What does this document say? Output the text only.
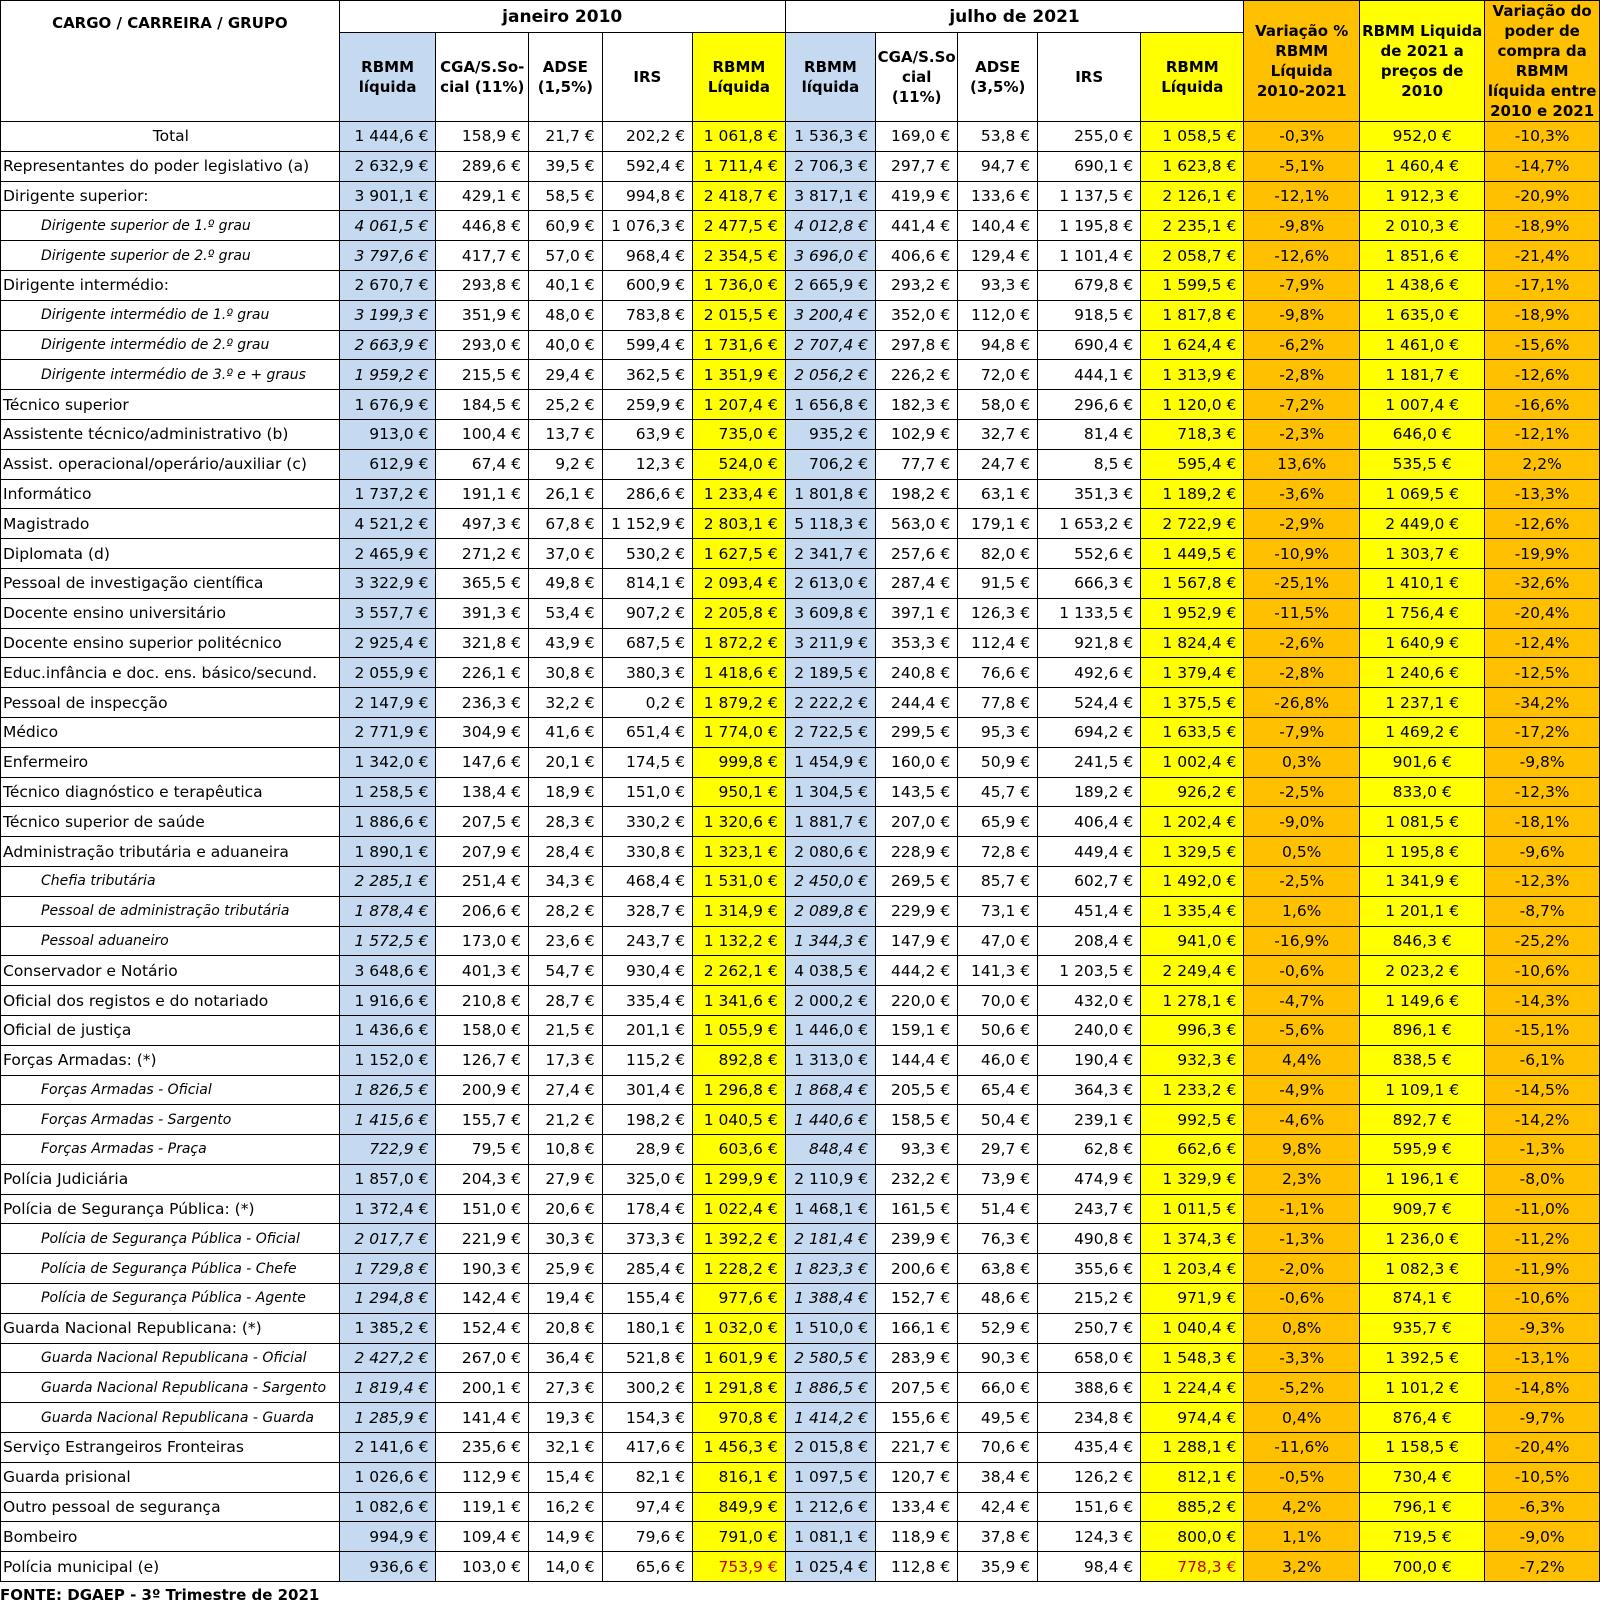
CARGO / CARREIRA / GRUPO	janeiro 2010					julho de 2021					Variação % RBMM Líquida 2010-2021	RBMM Liquida de 2021 a preços de 2010	Variação do poder de compra da RBMM líquida entre 2010 e 2021
	RBMM líquida	CGA/S.So-cial (11%)	ADSE (1,5%)	IRS	RBMM Líquida	RBMM líquida	CGA/S.So cial (11%)	ADSE (3,5%)	IRS	RBMM Líquida			
Total	1 444,6 €	158,9 €	21,7 €	202,2 €	1 061,8 €	1 536,3 €	169,0 €	53,8 €	255,0 €	1 058,5 €	-0,3%	952,0 €	-10,3%
Representantes do poder legislativo (a)	2 632,9 €	289,6 €	39,5 €	592,4 €	1 711,4 €	2 706,3 €	297,7 €	94,7 €	690,1 €	1 623,8 €	-5,1%	1 460,4 €	-14,7%
Dirigente superior:	3 901,1 €	429,1 €	58,5 €	994,8 €	2 418,7 €	3 817,1 €	419,9 €	133,6 €	1 137,5 €	2 126,1 €	-12,1%	1 912,3 €	-20,9%
Dirigente superior de 1.º grau	4 061,5 €	446,8 €	60,9 €	1 076,3 €	2 477,5 €	4 012,8 €	441,4 €	140,4 €	1 195,8 €	2 235,1 €	-9,8%	2 010,3 €	-18,9%
Dirigente superior de 2.º grau	3 797,6 €	417,7 €	57,0 €	968,4 €	2 354,5 €	3 696,0 €	406,6 €	129,4 €	1 101,4 €	2 058,7 €	-12,6%	1 851,6 €	-21,4%
Dirigente intermédio:	2 670,7 €	293,8 €	40,1 €	600,9 €	1 736,0 €	2 665,9 €	293,2 €	93,3 €	679,8 €	1 599,5 €	-7,9%	1 438,6 €	-17,1%
Dirigente intermédio de 1.º grau	3 199,3 €	351,9 €	48,0 €	783,8 €	2 015,5 €	3 200,4 €	352,0 €	112,0 €	918,5 €	1 817,8 €	-9,8%	1 635,0 €	-18,9%
Dirigente intermédio de 2.º grau	2 663,9 €	293,0 €	40,0 €	599,4 €	1 731,6 €	2 707,4 €	297,8 €	94,8 €	690,4 €	1 624,4 €	-6,2%	1 461,0 €	-15,6%
Dirigente intermédio de 3.º e + graus	1 959,2 €	215,5 €	29,4 €	362,5 €	1 351,9 €	2 056,2 €	226,2 €	72,0 €	444,1 €	1 313,9 €	-2,8%	1 181,7 €	-12,6%
Técnico superior	1 676,9 €	184,5 €	25,2 €	259,9 €	1 207,4 €	1 656,8 €	182,3 €	58,0 €	296,6 €	1 120,0 €	-7,2%	1 007,4 €	-16,6%
Assistente técnico/administrativo (b)	913,0 €	100,4 €	13,7 €	63,9 €	735,0 €	935,2 €	102,9 €	32,7 €	81,4 €	718,3 €	-2,3%	646,0 €	-12,1%
Assist. operacional/operário/auxiliar (c)	612,9 €	67,4 €	9,2 €	12,3 €	524,0 €	706,2 €	77,7 €	24,7 €	8,5 €	595,4 €	13,6%	535,5 €	2,2%
Informático	1 737,2 €	191,1 €	26,1 €	286,6 €	1 233,4 €	1 801,8 €	198,2 €	63,1 €	351,3 €	1 189,2 €	-3,6%	1 069,5 €	-13,3%
Magistrado	4 521,2 €	497,3 €	67,8 €	1 152,9 €	2 803,1 €	5 118,3 €	563,0 €	179,1 €	1 653,2 €	2 722,9 €	-2,9%	2 449,0 €	-12,6%
Diplomata (d)	2 465,9 €	271,2 €	37,0 €	530,2 €	1 627,5 €	2 341,7 €	257,6 €	82,0 €	552,6 €	1 449,5 €	-10,9%	1 303,7 €	-19,9%
Pessoal de investigação científica	3 322,9 €	365,5 €	49,8 €	814,1 €	2 093,4 €	2 613,0 €	287,4 €	91,5 €	666,3 €	1 567,8 €	-25,1%	1 410,1 €	-32,6%
Docente ensino universitário	3 557,7 €	391,3 €	53,4 €	907,2 €	2 205,8 €	3 609,8 €	397,1 €	126,3 €	1 133,5 €	1 952,9 €	-11,5%	1 756,4 €	-20,4%
Docente ensino superior politécnico	2 925,4 €	321,8 €	43,9 €	687,5 €	1 872,2 €	3 211,9 €	353,3 €	112,4 €	921,8 €	1 824,4 €	-2,6%	1 640,9 €	-12,4%
Educ.infância e doc. ens. básico/secund.	2 055,9 €	226,1 €	30,8 €	380,3 €	1 418,6 €	2 189,5 €	240,8 €	76,6 €	492,6 €	1 379,4 €	-2,8%	1 240,6 €	-12,5%
Pessoal de inspecção	2 147,9 €	236,3 €	32,2 €	0,2 €	1 879,2 €	2 222,2 €	244,4 €	77,8 €	524,4 €	1 375,5 €	-26,8%	1 237,1 €	-34,2%
Médico	2 771,9 €	304,9 €	41,6 €	651,4 €	1 774,0 €	2 722,5 €	299,5 €	95,3 €	694,2 €	1 633,5 €	-7,9%	1 469,2 €	-17,2%
Enfermeiro	1 342,0 €	147,6 €	20,1 €	174,5 €	999,8 €	1 454,9 €	160,0 €	50,9 €	241,5 €	1 002,4 €	0,3%	901,6 €	-9,8%
Técnico diagnóstico e terapêutica	1 258,5 €	138,4 €	18,9 €	151,0 €	950,1 €	1 304,5 €	143,5 €	45,7 €	189,2 €	926,2 €	-2,5%	833,0 €	-12,3%
Técnico superior de saúde	1 886,6 €	207,5 €	28,3 €	330,2 €	1 320,6 €	1 881,7 €	207,0 €	65,9 €	406,4 €	1 202,4 €	-9,0%	1 081,5 €	-18,1%
Administração tributária e aduaneira	1 890,1 €	207,9 €	28,4 €	330,8 €	1 323,1 €	2 080,6 €	228,9 €	72,8 €	449,4 €	1 329,5 €	0,5%	1 195,8 €	-9,6%
Chefia tributária	2 285,1 €	251,4 €	34,3 €	468,4 €	1 531,0 €	2 450,0 €	269,5 €	85,7 €	602,7 €	1 492,0 €	-2,5%	1 341,9 €	-12,3%
Pessoal de administração tributária	1 878,4 €	206,6 €	28,2 €	328,7 €	1 314,9 €	2 089,8 €	229,9 €	73,1 €	451,4 €	1 335,4 €	1,6%	1 201,1 €	-8,7%
Pessoal aduaneiro	1 572,5 €	173,0 €	23,6 €	243,7 €	1 132,2 €	1 344,3 €	147,9 €	47,0 €	208,4 €	941,0 €	-16,9%	846,3 €	-25,2%
Conservador e Notário	3 648,6 €	401,3 €	54,7 €	930,4 €	2 262,1 €	4 038,5 €	444,2 €	141,3 €	1 203,5 €	2 249,4 €	-0,6%	2 023,2 €	-10,6%
Oficial dos registos e do notariado	1 916,6 €	210,8 €	28,7 €	335,4 €	1 341,6 €	2 000,2 €	220,0 €	70,0 €	432,0 €	1 278,1 €	-4,7%	1 149,6 €	-14,3%
Oficial de justiça	1 436,6 €	158,0 €	21,5 €	201,1 €	1 055,9 €	1 446,0 €	159,1 €	50,6 €	240,0 €	996,3 €	-5,6%	896,1 €	-15,1%
Forças Armadas: (*)	1 152,0 €	126,7 €	17,3 €	115,2 €	892,8 €	1 313,0 €	144,4 €	46,0 €	190,4 €	932,3 €	4,4%	838,5 €	-6,1%
Forças Armadas - Oficial	1 826,5 €	200,9 €	27,4 €	301,4 €	1 296,8 €	1 868,4 €	205,5 €	65,4 €	364,3 €	1 233,2 €	-4,9%	1 109,1 €	-14,5%
Forças Armadas - Sargento	1 415,6 €	155,7 €	21,2 €	198,2 €	1 040,5 €	1 440,6 €	158,5 €	50,4 €	239,1 €	992,5 €	-4,6%	892,7 €	-14,2%
Forças Armadas - Praça	722,9 €	79,5 €	10,8 €	28,9 €	603,6 €	848,4 €	93,3 €	29,7 €	62,8 €	662,6 €	9,8%	595,9 €	-1,3%
Polícia Judiciária	1 857,0 €	204,3 €	27,9 €	325,0 €	1 299,9 €	2 110,9 €	232,2 €	73,9 €	474,9 €	1 329,9 €	2,3%	1 196,1 €	-8,0%
Polícia de Segurança Pública: (*)	1 372,4 €	151,0 €	20,6 €	178,4 €	1 022,4 €	1 468,1 €	161,5 €	51,4 €	243,7 €	1 011,5 €	-1,1%	909,7 €	-11,0%
Polícia de Segurança Pública - Oficial	2 017,7 €	221,9 €	30,3 €	373,3 €	1 392,2 €	2 181,4 €	239,9 €	76,3 €	490,8 €	1 374,3 €	-1,3%	1 236,0 €	-11,2%
Polícia de Segurança Pública - Chefe	1 729,8 €	190,3 €	25,9 €	285,4 €	1 228,2 €	1 823,3 €	200,6 €	63,8 €	355,6 €	1 203,4 €	-2,0%	1 082,3 €	-11,9%
Polícia de Segurança Pública - Agente	1 294,8 €	142,4 €	19,4 €	155,4 €	977,6 €	1 388,4 €	152,7 €	48,6 €	215,2 €	971,9 €	-0,6%	874,1 €	-10,6%
Guarda Nacional Republicana: (*)	1 385,2 €	152,4 €	20,8 €	180,1 €	1 032,0 €	1 510,0 €	166,1 €	52,9 €	250,7 €	1 040,4 €	0,8%	935,7 €	-9,3%
Guarda Nacional Republicana - Oficial	2 427,2 €	267,0 €	36,4 €	521,8 €	1 601,9 €	2 580,5 €	283,9 €	90,3 €	658,0 €	1 548,3 €	-3,3%	1 392,5 €	-13,1%
Guarda Nacional Republicana - Sargento	1 819,4 €	200,1 €	27,3 €	300,2 €	1 291,8 €	1 886,5 €	207,5 €	66,0 €	388,6 €	1 224,4 €	-5,2%	1 101,2 €	-14,8%
Guarda Nacional Republicana - Guarda	1 285,9 €	141,4 €	19,3 €	154,3 €	970,8 €	1 414,2 €	155,6 €	49,5 €	234,8 €	974,4 €	0,4%	876,4 €	-9,7%
Serviço Estrangeiros Fronteiras	2 141,6 €	235,6 €	32,1 €	417,6 €	1 456,3 €	2 015,8 €	221,7 €	70,6 €	435,4 €	1 288,1 €	-11,6%	1 158,5 €	-20,4%
Guarda prisional	1 026,6 €	112,9 €	15,4 €	82,1 €	816,1 €	1 097,5 €	120,7 €	38,4 €	126,2 €	812,1 €	-0,5%	730,4 €	-10,5%
Outro pessoal de segurança	1 082,6 €	119,1 €	16,2 €	97,4 €	849,9 €	1 212,6 €	133,4 €	42,4 €	151,6 €	885,2 €	4,2%	796,1 €	-6,3%
Bombeiro	994,9 €	109,4 €	14,9 €	79,6 €	791,0 €	1 081,1 €	118,9 €	37,8 €	124,3 €	800,0 €	1,1%	719,5 €	-9,0%
Polícia municipal (e)	936,6 €	103,0 €	14,0 €	65,6 €	753,9 €	1 025,4 €	112,8 €	35,9 €	98,4 €	778,3 €	3,2%	700,0 €	-7,2%
FONTE: DGAEP - 3º Trimestre de 2021
